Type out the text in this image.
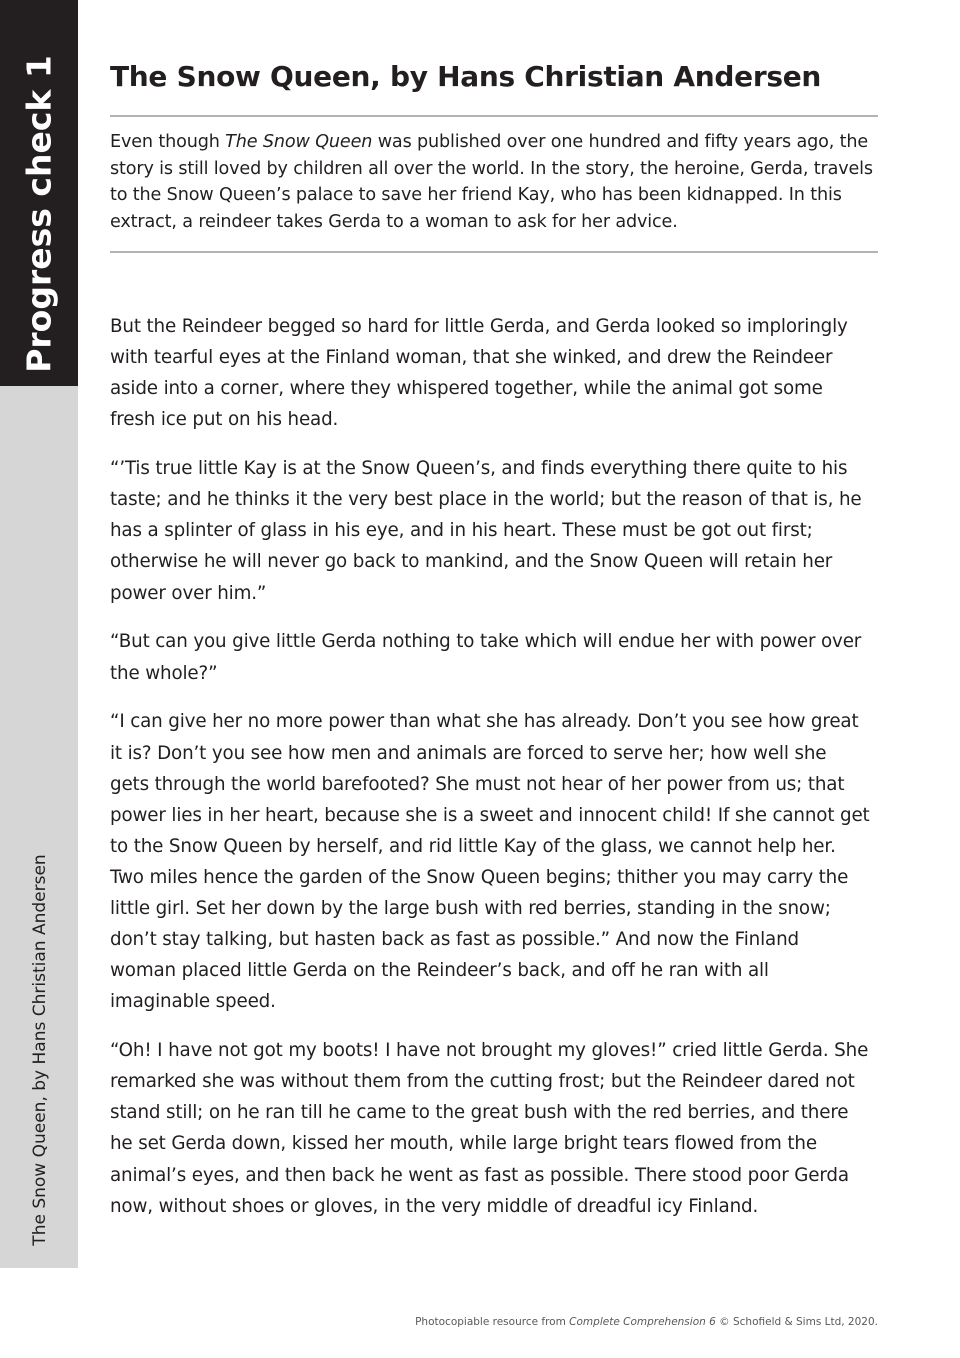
Progress check 1
The Snow Queen, by Hans Christian Andersen
The Snow Queen, by Hans Christian Andersen

Even though The Snow Queen was published over one hundred and fifty years ago, the story is still loved by children all over the world. In the story, the heroine, Gerda, travels to the Snow Queen’s palace to save her friend Kay, who has been kidnapped. In this extract, a reindeer takes Gerda to a woman to ask for her advice.

But the Reindeer begged so hard for little Gerda, and Gerda looked so imploringly with tearful eyes at the Finland woman, that she winked, and drew the Reindeer aside into a corner, where they whispered together, while the animal got some fresh ice put on his head.

“’Tis true little Kay is at the Snow Queen’s, and finds everything there quite to his taste; and he thinks it the very best place in the world; but the reason of that is, he has a splinter of glass in his eye, and in his heart. These must be got out first; otherwise he will never go back to mankind, and the Snow Queen will retain her power over him.”

“But can you give little Gerda nothing to take which will endue her with power over the whole?”

“I can give her no more power than what she has already. Don’t you see how great it is? Don’t you see how men and animals are forced to serve her; how well she gets through the world barefooted? She must not hear of her power from us; that power lies in her heart, because she is a sweet and innocent child! If she cannot get to the Snow Queen by herself, and rid little Kay of the glass, we cannot help her. Two miles hence the garden of the Snow Queen begins; thither you may carry the little girl. Set her down by the large bush with red berries, standing in the snow; don’t stay talking, but hasten back as fast as possible.” And now the Finland woman placed little Gerda on the Reindeer’s back, and off he ran with all imaginable speed.

“Oh! I have not got my boots! I have not brought my gloves!” cried little Gerda. She remarked she was without them from the cutting frost; but the Reindeer dared not stand still; on he ran till he came to the great bush with the red berries, and there he set Gerda down, kissed her mouth, while large bright tears flowed from the animal’s eyes, and then back he went as fast as possible. There stood poor Gerda now, without shoes or gloves, in the very middle of dreadful icy Finland.

Photocopiable resource from Complete Comprehension 6 © Schofield & Sims Ltd, 2020.
